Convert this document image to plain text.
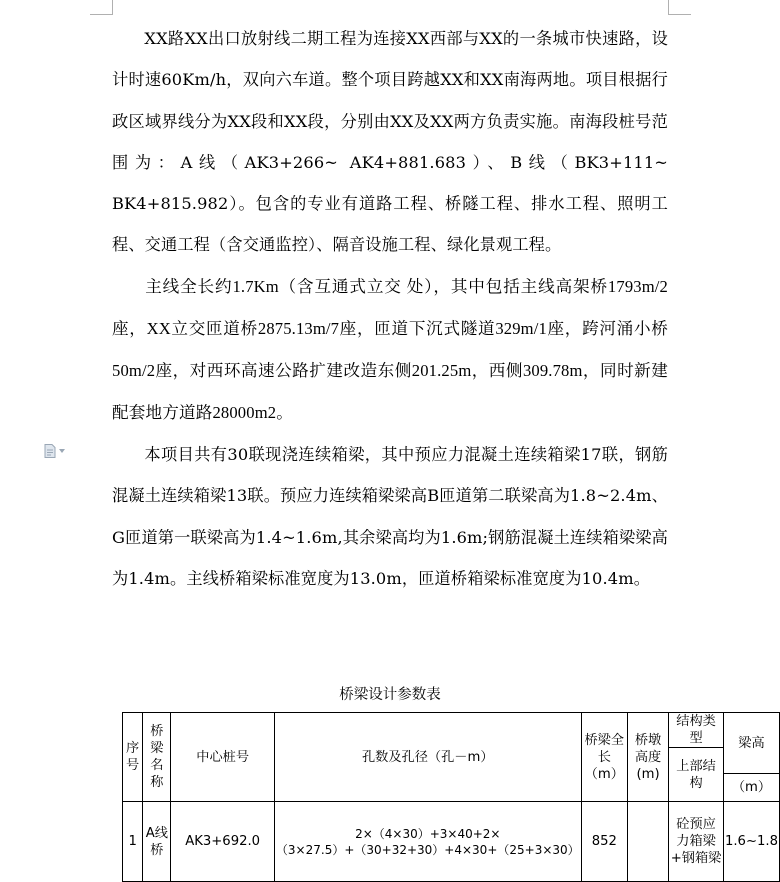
XX路XX出口放射线二期工程为连接XX西部与XX的一条城市快速路，设计时速60Km/h，双向六车道。整个项目跨越XX和XX南海两地。项目根据行政区域界线分为XX段和XX段，分别由XX及XX两方负责实施。南海段桩号范围为：A线（AK3+266~ AK4+881.683）、B线（BK3+111~ BK4+815.982）。包含的专业有道路工程、桥隧工程、排水工程、照明工程、交通工程（含交通监控）、隔音设施工程、绿化景观工程。

主线全长约1.7Km（含互通式立交 处），其中包括主线高架桥1793m/2座，XX立交匝道桥2875.13m/7座，匝道下沉式隧道329m/1座，跨河涌小桥50m/2座，对西环高速公路扩建改造东侧201.25m，西侧309.78m，同时新建配套地方道路28000m2。

本项目共有30联现浇连续箱梁，其中预应力混凝土连续箱梁17联，钢筋混凝土连续箱梁13联。预应力连续箱梁梁高B匝道第二联梁高为1.8~2.4m、G匝道第一联梁高为1.4~1.6m,其余梁高均为1.6m;钢筋混凝土连续箱梁梁高为1.4m。主线桥箱梁标准宽度为13.0m，匝道桥箱梁标准宽度为10.4m。

桥梁设计参数表
序号	桥梁名称	中心桩号	孔数及孔径（孔－m）	桥梁全长（m）	桥墩高度(m)	结构类型	梁高
						上部结构	
							（m）
1	A线桥	AK3+692.0	2×（4×30）+3×40+2×（3×27.5）+（30+32+30）+4×30+（25+3×30）	852		砼预应力箱梁+钢箱梁	1.6~1.8
